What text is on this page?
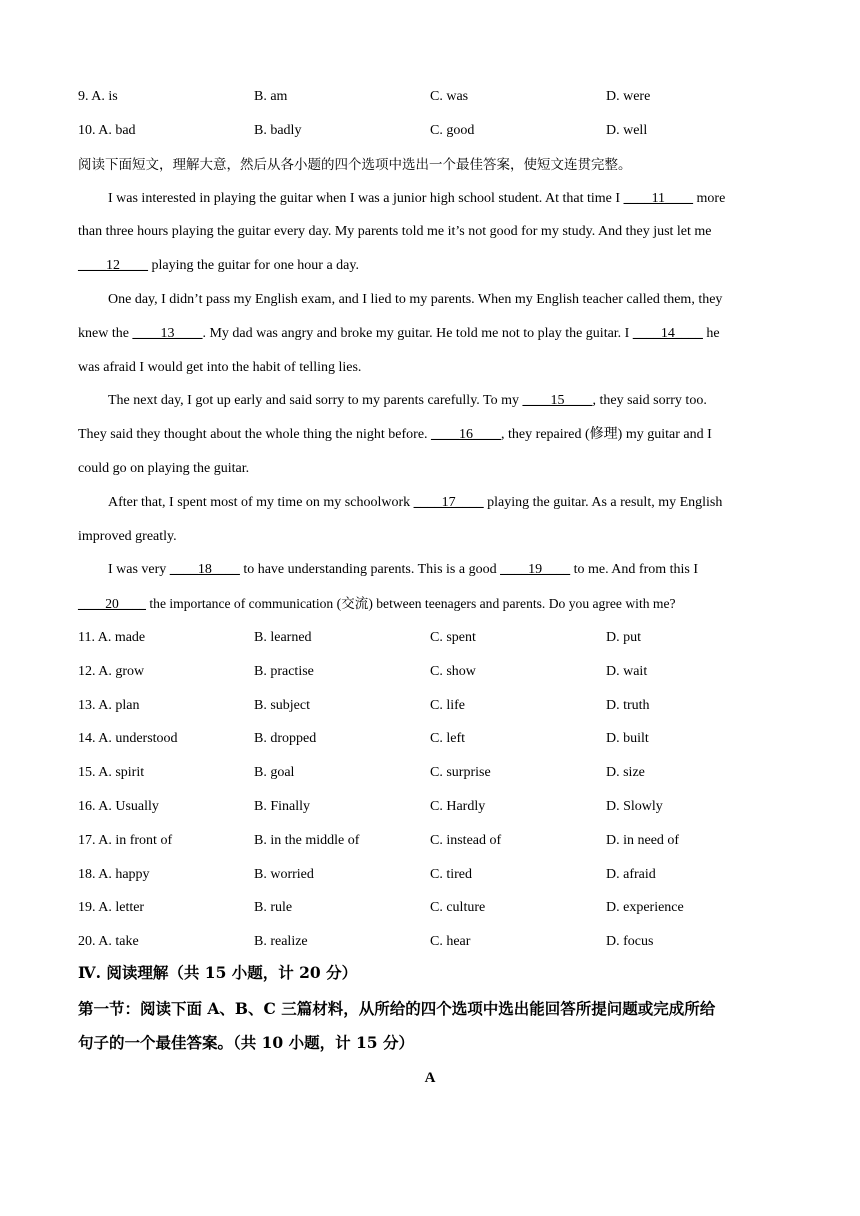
9. A. is	B. am	C. was	D. were
10. A. bad	B. badly	C. good	D. well
阅读下面短文，理解大意，然后从各小题的四个选项中选出一个最佳答案，使短文连贯完整。
I was interested in playing the guitar when I was a junior high school student. At that time I ____11____ more
than three hours playing the guitar every day. My parents told me it’s not good for my study. And they just let me
____12____ playing the guitar for one hour a day.
One day, I didn’t pass my English exam, and I lied to my parents. When my English teacher called them, they
knew the ____13____. My dad was angry and broke my guitar. He told me not to play the guitar. I ____14____ he
was afraid I would get into the habit of telling lies.
The next day, I got up early and said sorry to my parents carefully. To my ____15____, they said sorry too.
They said they thought about the whole thing the night before. ____16____, they repaired (修理) my guitar and I
could go on playing the guitar.
After that, I spent most of my time on my schoolwork ____17____ playing the guitar. As a result, my English
improved greatly.
I was very ____18____ to have understanding parents. This is a good ____19____ to me. And from this I
____20____ the importance of communication (交流) between teenagers and parents. Do you agree with me?
11. A. made	B. learned	C. spent	D. put
12. A. grow	B. practise	C. show	D. wait
13. A. plan	B. subject	C. life	D. truth
14. A. understood	B. dropped	C. left	D. built
15. A. spirit	B. goal	C. surprise	D. size
16. A. Usually	B. Finally	C. Hardly	D. Slowly
17. A. in front of	B. in the middle of	C. instead of	D. in need of
18. A. happy	B. worried	C. tired	D. afraid
19. A. letter	B. rule	C. culture	D. experience
20. A. take	B. realize	C. hear	D. focus
Ⅳ. 阅读理解（共 15 小题，计 20 分）
第一节：阅读下面 A、B、C 三篇材料，从所给的四个选项中选出能回答所提问题或完成所给
句子的一个最佳答案。（共 10 小题，计 15 分）
A
